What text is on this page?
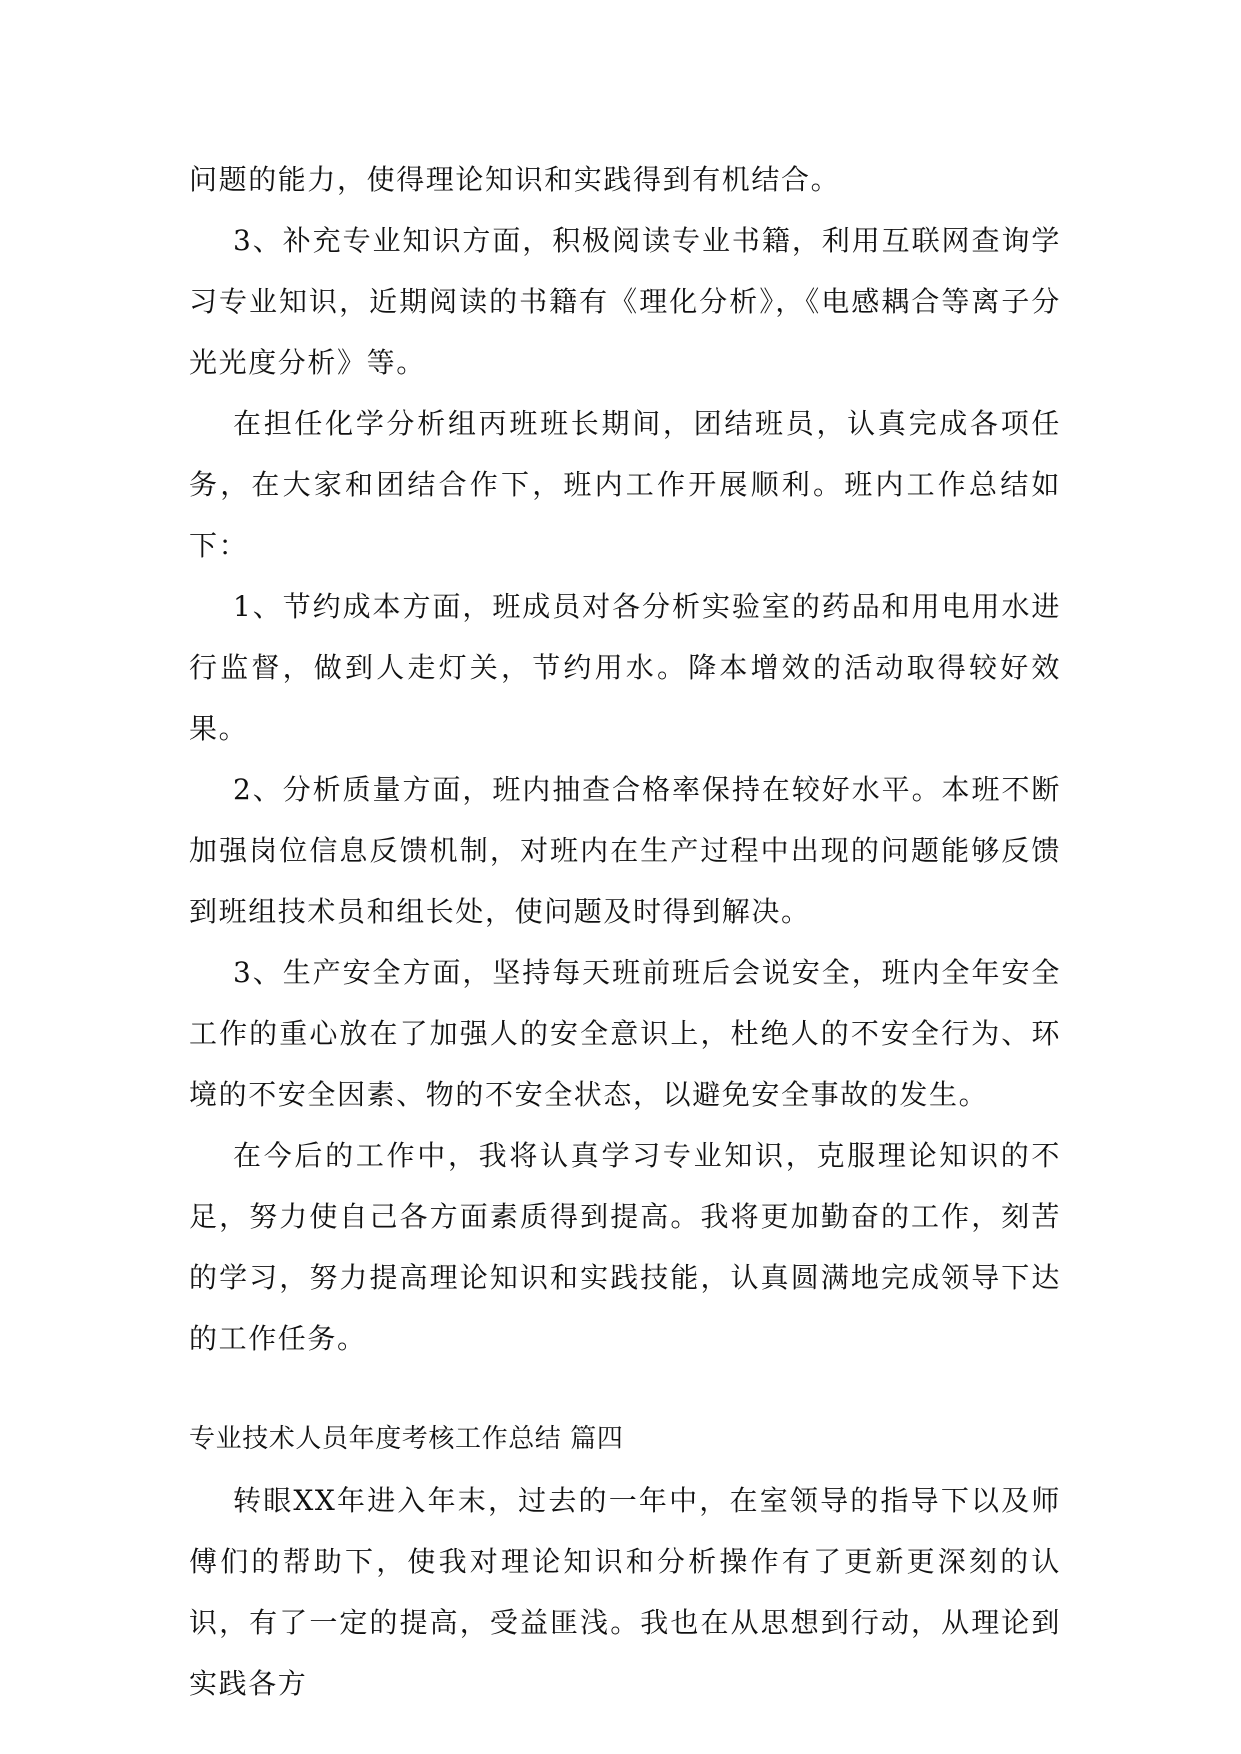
问题的能力，使得理论知识和实践得到有机结合。

3、补充专业知识方面，积极阅读专业书籍，利用互联网查询学习专业知识，近期阅读的书籍有《理化分析》，《电感耦合等离子分光光度分析》等。

在担任化学分析组丙班班长期间，团结班员，认真完成各项任务，在大家和团结合作下，班内工作开展顺利。班内工作总结如下：

1、节约成本方面，班成员对各分析实验室的药品和用电用水进行监督，做到人走灯关，节约用水。降本增效的活动取得较好效果。

2、分析质量方面，班内抽查合格率保持在较好水平。本班不断加强岗位信息反馈机制，对班内在生产过程中出现的问题能够反馈到班组技术员和组长处，使问题及时得到解决。

3、生产安全方面，坚持每天班前班后会说安全，班内全年安全工作的重心放在了加强人的安全意识上，杜绝人的不安全行为、环境的不安全因素、物的不安全状态，以避免安全事故的发生。

在今后的工作中，我将认真学习专业知识，克服理论知识的不足，努力使自己各方面素质得到提高。我将更加勤奋的工作，刻苦的学习，努力提高理论知识和实践技能，认真圆满地完成领导下达的工作任务。

专业技术人员年度考核工作总结 篇四

转眼XX年进入年末，过去的一年中，在室领导的指导下以及师傅们的帮助下，使我对理论知识和分析操作有了更新更深刻的认识，有了一定的提高，受益匪浅。我也在从思想到行动，从理论到实践各方
